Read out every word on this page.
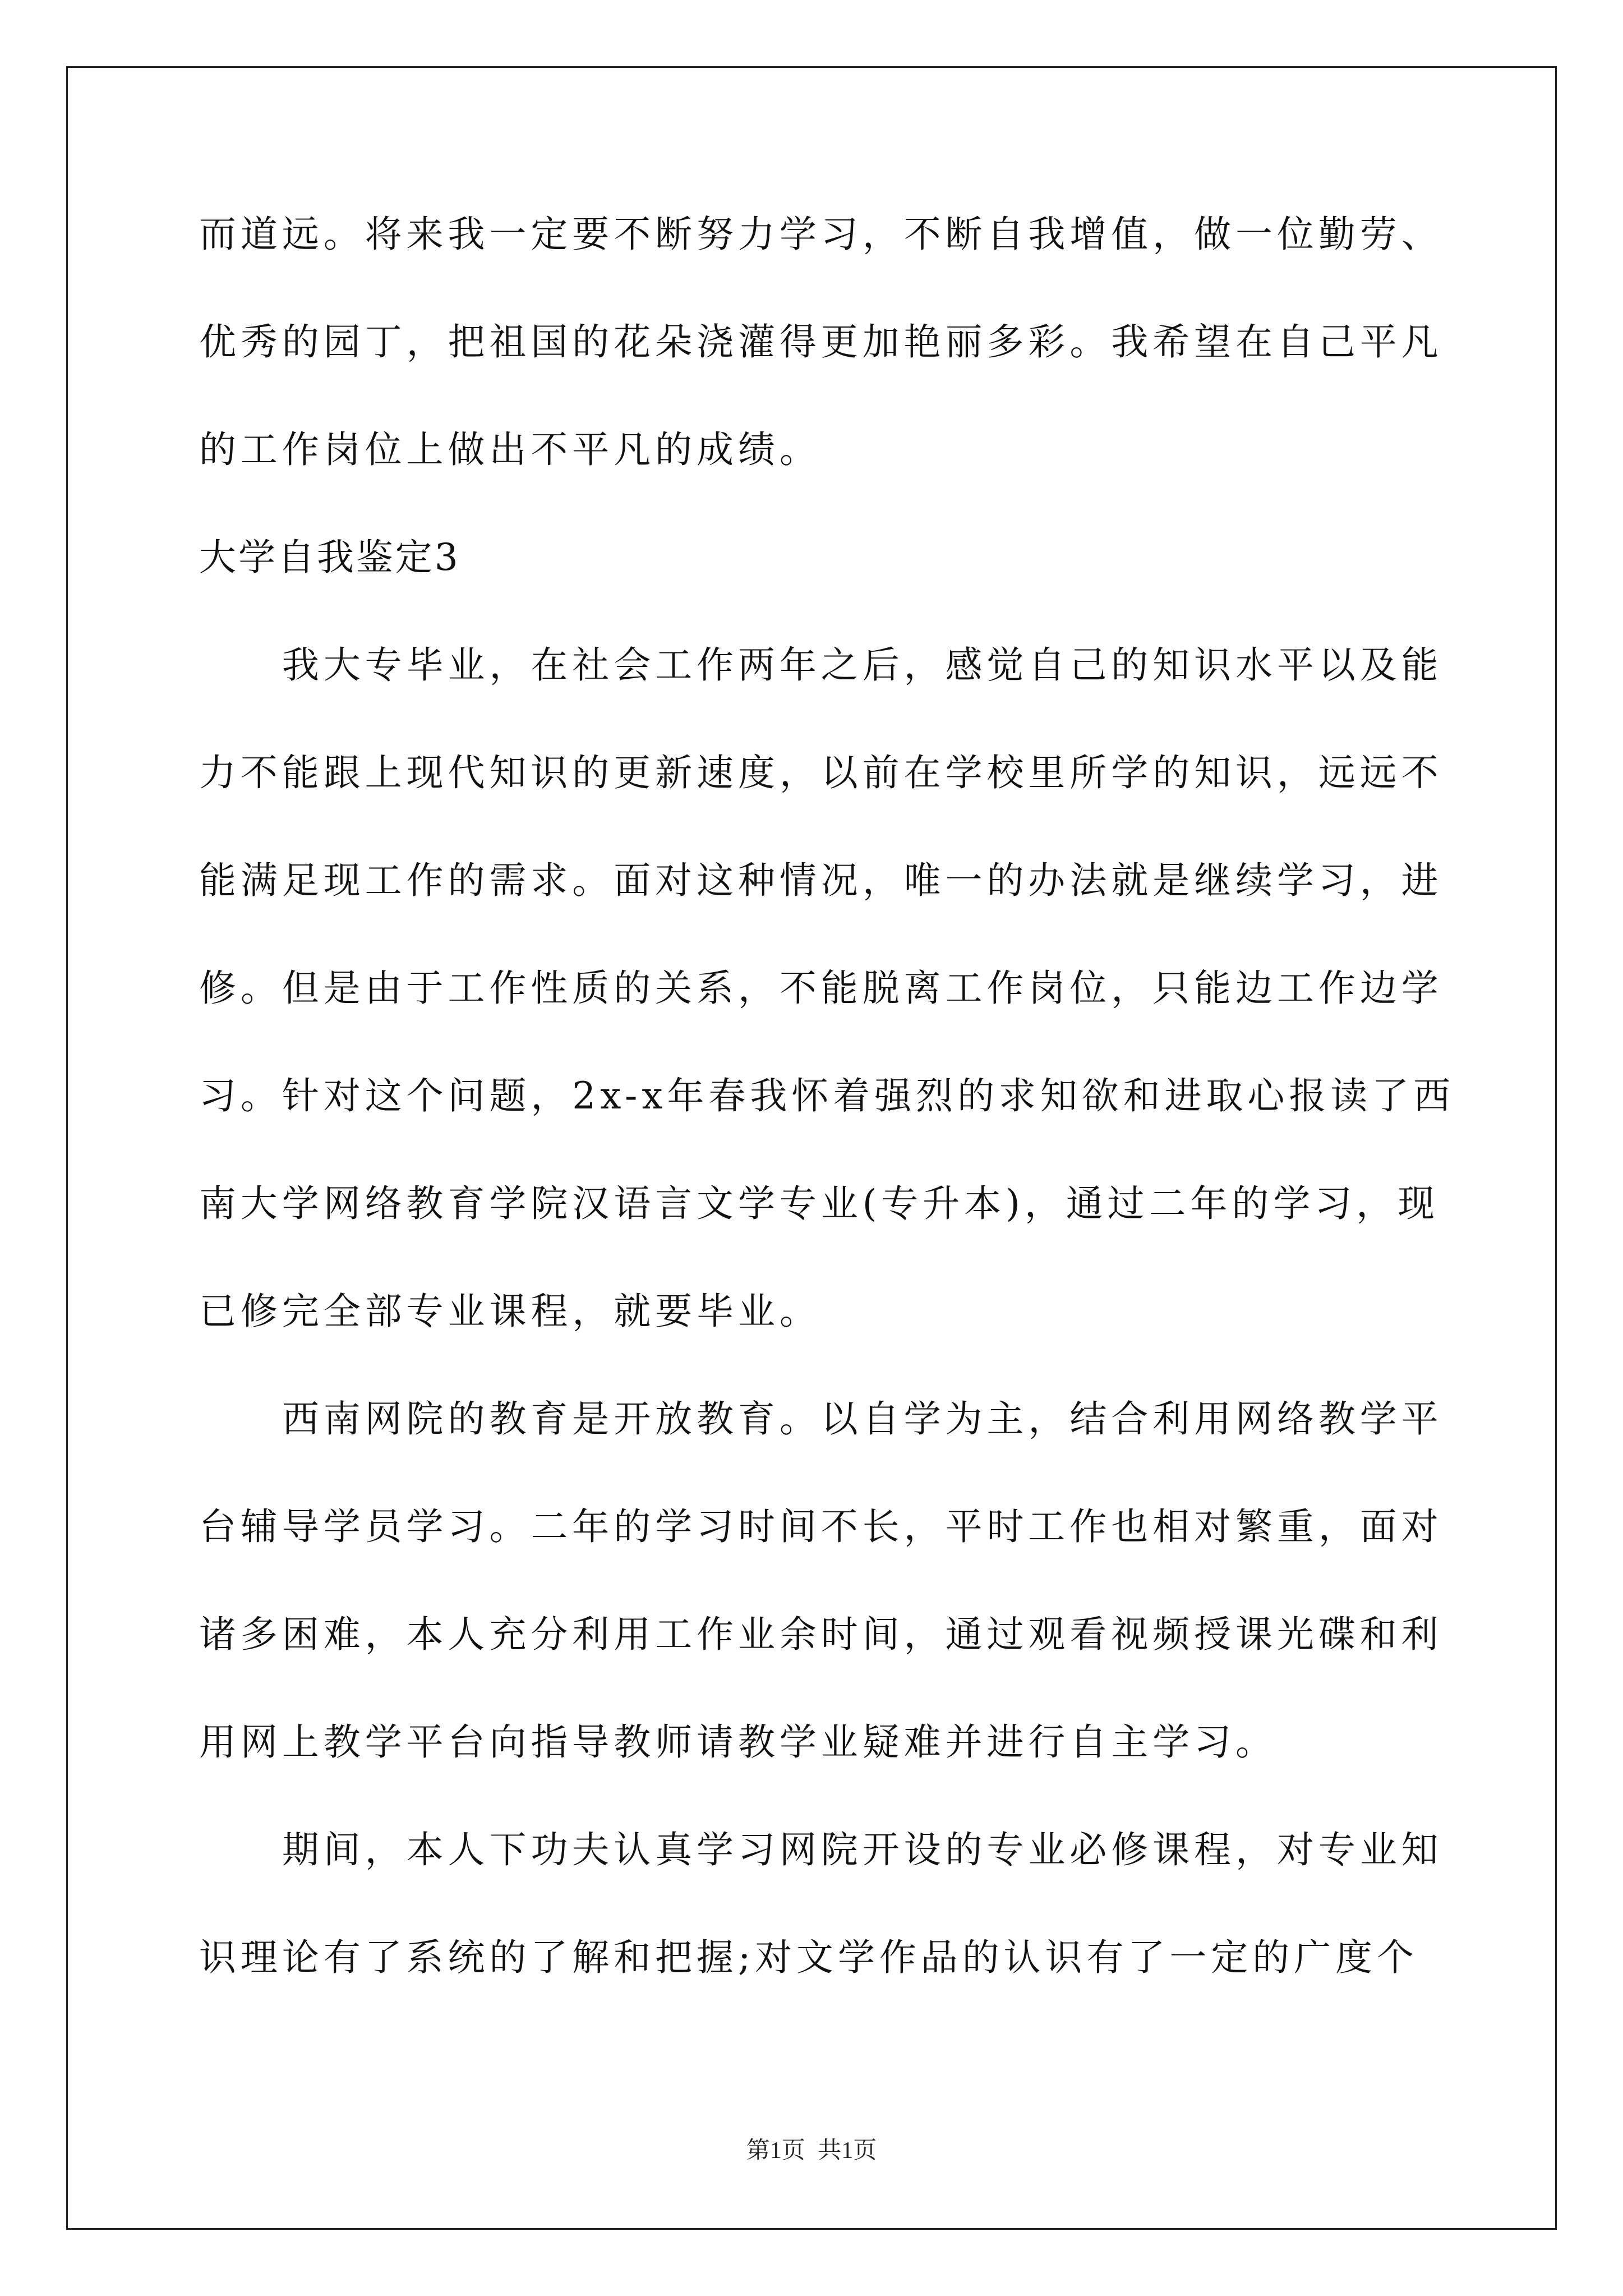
而道远。将来我一定要不断努力学习，不断自我增值，做一位勤劳、
优秀的园丁，把祖国的花朵浇灌得更加艳丽多彩。我希望在自己平凡
的工作岗位上做出不平凡的成绩。
大学自我鉴定3
　　我大专毕业，在社会工作两年之后，感觉自己的知识水平以及能
力不能跟上现代知识的更新速度，以前在学校里所学的知识，远远不
能满足现工作的需求。面对这种情况，唯一的办法就是继续学习，进
修。但是由于工作性质的关系，不能脱离工作岗位，只能边工作边学
习。针对这个问题，2x-x年春我怀着强烈的求知欲和进取心报读了西
南大学网络教育学院汉语言文学专业(专升本)，通过二年的学习，现
已修完全部专业课程，就要毕业。
　　西南网院的教育是开放教育。以自学为主，结合利用网络教学平
台辅导学员学习。二年的学习时间不长，平时工作也相对繁重，面对
诸多困难，本人充分利用工作业余时间，通过观看视频授课光碟和利
用网上教学平台向指导教师请教学业疑难并进行自主学习。
　　期间，本人下功夫认真学习网院开设的专业必修课程，对专业知
识理论有了系统的了解和把握;对文学作品的认识有了一定的广度个
第1页 共1页
